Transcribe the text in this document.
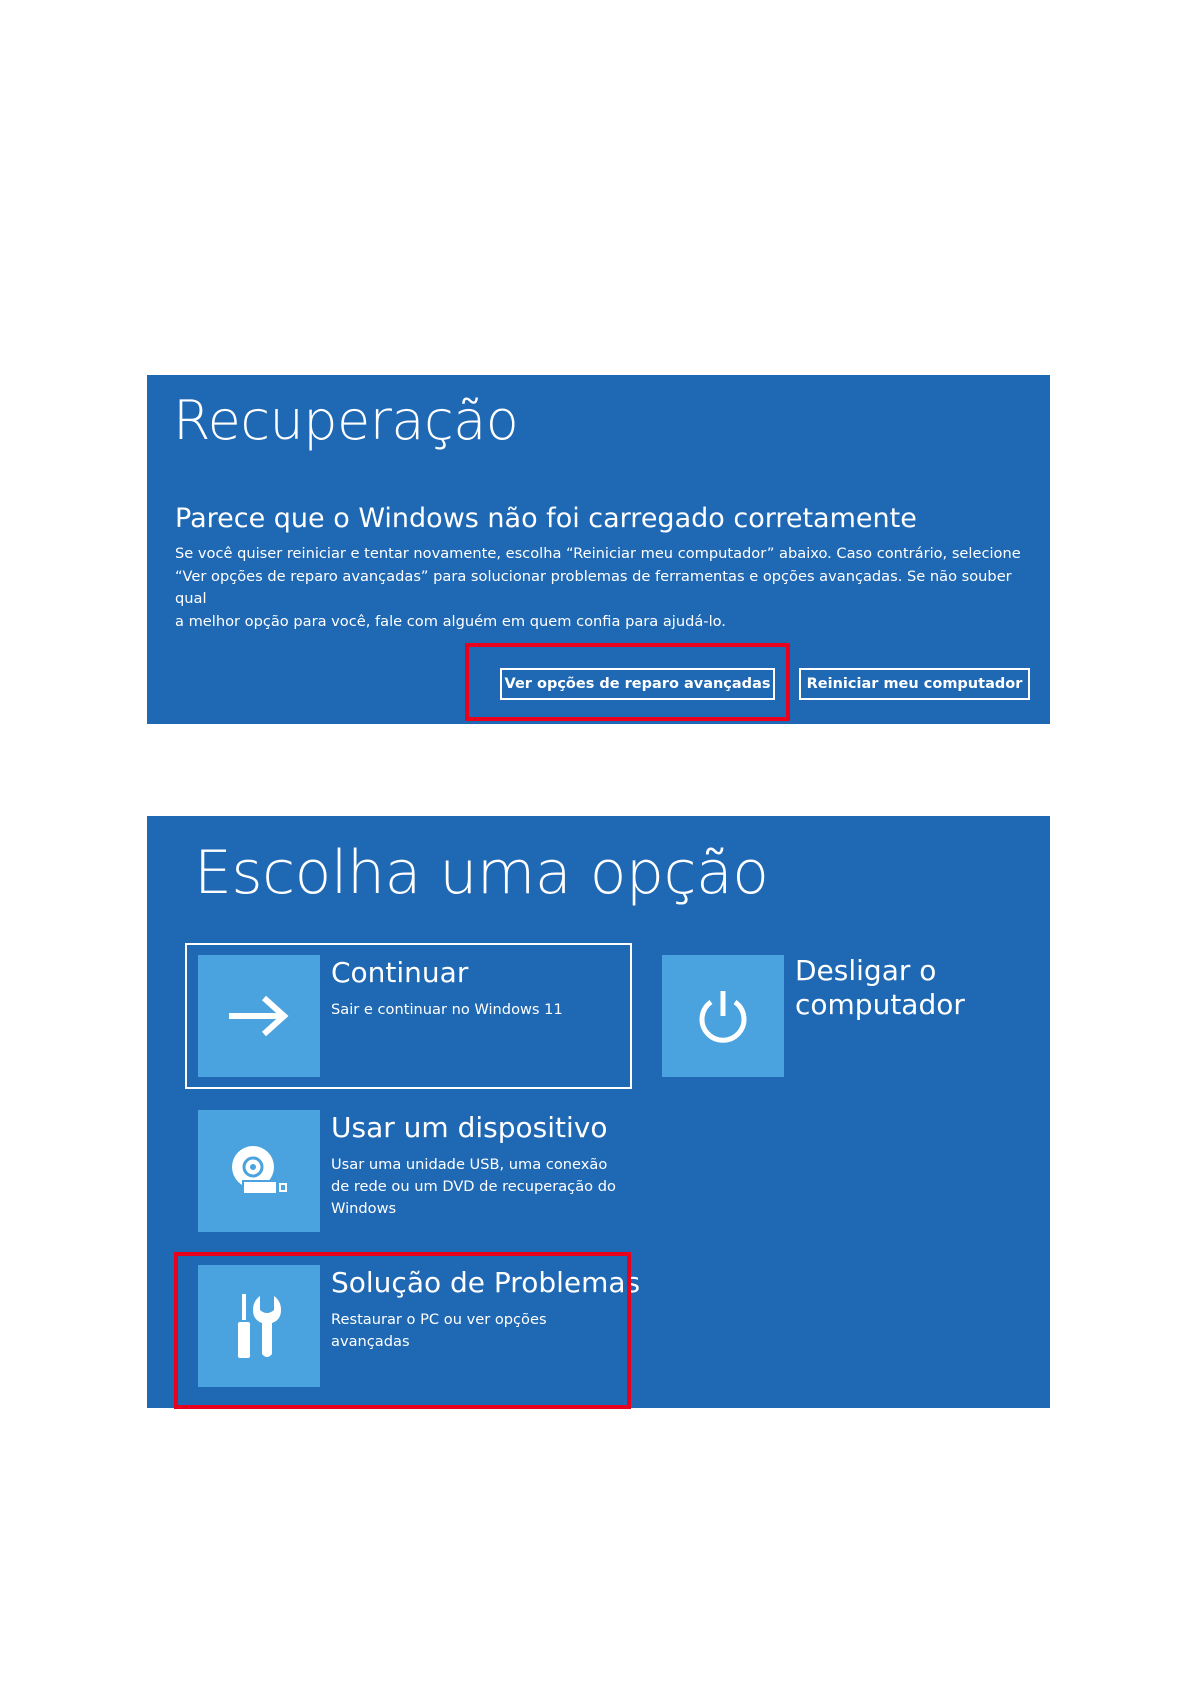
Recuperação
Parece que o Windows não foi carregado corretamente
Se você quiser reiniciar e tentar novamente, escolha “Reiniciar meu computador” abaixo. Caso contrário, selecione
“Ver opções de reparo avançadas” para solucionar problemas de ferramentas e opções avançadas. Se não souber qual
a melhor opção para você, fale com alguém em quem confia para ajudá-lo.
Ver opções de reparo avançadas	Reiniciar meu computador
Escolha uma opção
Continuar
Sair e continuar no Windows 11
Desligar o
computador
Usar um dispositivo
Usar uma unidade USB, uma conexão
de rede ou um DVD de recuperação do
Windows
Solução de Problemas
Restaurar o PC ou ver opções
avançadas
